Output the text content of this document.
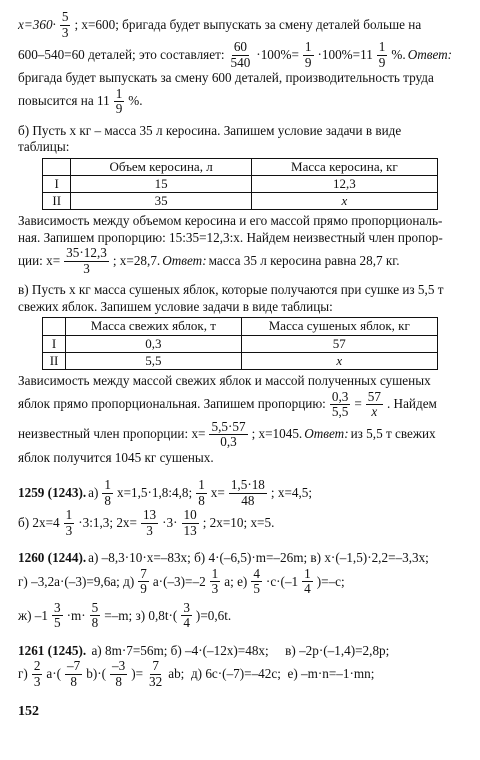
$x=360\cdot \frac{5}{3}$ ; x=600; бригада будет выпускать за смену деталей больше на
600–540=60 деталей; это составляет: $\frac{60}{540} \cdot 100\%= \frac{1}{9} \cdot 100\%=11 \frac{1}{9}$ %. Ответ:

бригада будет выпускать за смену 600 деталей, производительность труда

повысится на $11 \frac{1}{9}$ %.

б) Пусть x кг – масса 35 л керосина. Запишем условие задачи в виде

таблицы:

	Объем керосина, л	Масса керосина, кг
I	15	12,3
II	35	x

Зависимость между объемом керосина и его массой прямо пропорциональ-

ная. Запишем пропорцию: 15:35=12,3:x. Найдем неизвестный член пропор-

ции: $x= \frac{35\cdot 12,3}{3}$ ; x=28,7. Ответ: масса 35 л керосина равна 28,7 кг.

в) Пусть x кг масса сушеных яблок, которые получаются при сушке из 5,5 т

свежих яблок. Запишем условие задачи в виде таблицы:

	Масса свежих яблок, т	Масса сушеных яблок, кг
I	0,3	57
II	5,5	x

Зависимость между массой свежих яблок и массой полученных сушеных

яблок прямо пропорциональная. Запишем пропорцию: $\frac{0,3}{5,5} = \frac{57}{x}$ . Найдем
неизвестный член пропорции: $x= \frac{5,5\cdot 57}{0,3}$ ; x=1045. Ответ: из 5,5 т свежих

яблок получится 1045 кг сушеных.

1259 (1243). $а) \frac{1}{8}$ x=1,5·1,8:4,8; $\frac{1}{8} x= \frac{1,5\cdot 18}{48}$ ; x=4,5;
б) $2x=4 \frac{1}{3}$ ·3:1,3; $2x= \frac{13}{3} \cdot 3\cdot \frac{10}{13}$ ; 2x=10; x=5.
1260 (1244). а) –8,3·10·x=–83x; б) 4·(–6,5)·m=–26m; в) x·(–1,5)·2,2=–3,3x;
г) –3,2a·(–3)=9,6a; $д) \frac{7}{9} a\cdot(-3)=-2 \frac{1}{3} a$; $е) \frac{4}{5} \cdot c\cdot(-1 \frac{1}{4} )=-c$;
ж) $-1 \frac{3}{5} \cdot m\cdot \frac{5}{8} =-m$; з) $0,8t\cdot( \frac{3}{4} )=0,6t$.
1261 (1245). а) 8m·7=56m; б) –4·(–12x)=48x;     в) –2p·(–1,4)=2,8p;
$г) \frac{2}{3} a\cdot( \frac{-7}{8} b)\cdot( \frac{-3}{8}$ )= $\frac{7}{32}$ ab;  д) 6c·(–7)=–42c;  е) –m·n=–1·mn;
152
